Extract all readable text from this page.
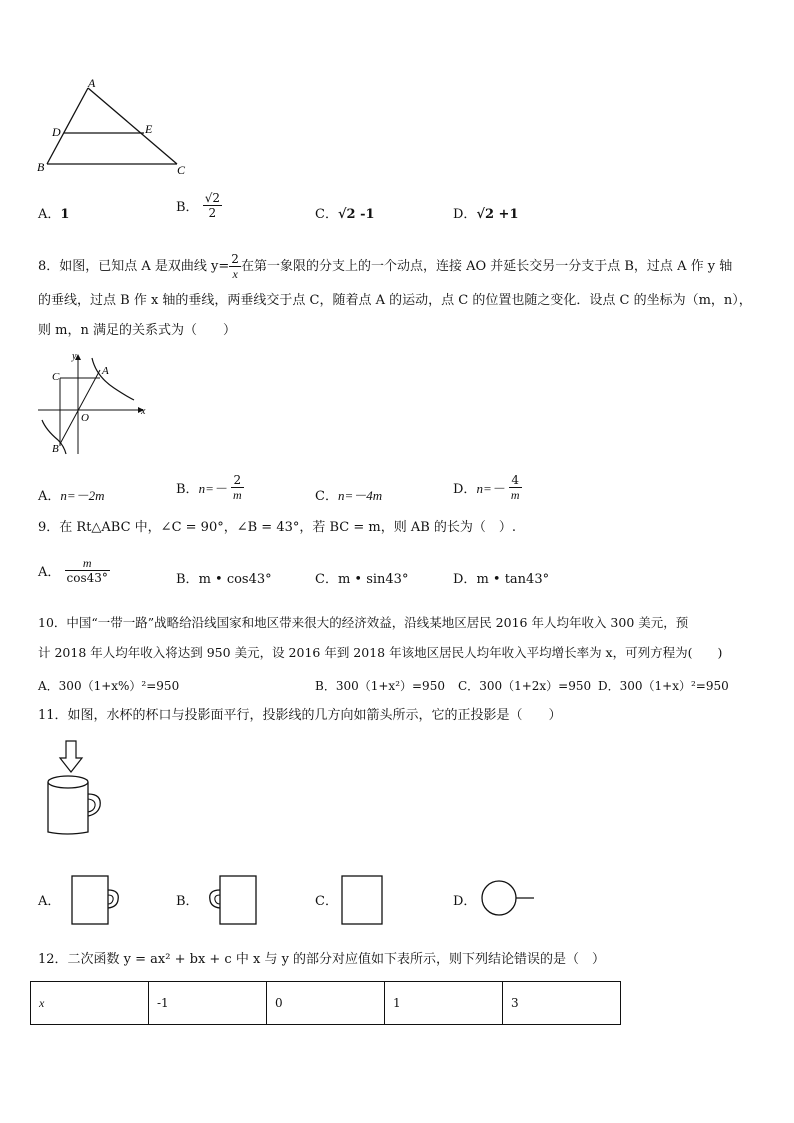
A
D	E
B	C
A．1	B． $\frac{√2}{2}$	C．√2 -1	D．√2 +1
8．如图，已知点 A 是双曲线 $y= \frac{2}{x}$ 在第一象限的分支上的一个动点，连接 AO 并延长交另一分支于点 B，过点 A 作 y 轴
的垂线，过点 B 作 x 轴的垂线，两垂线交于点 C，随着点 A 的运动，点 C 的位置也随之变化．设点 C 的坐标为（m，n），
则 m，n 满足的关系式为（　　）
y
x
O
A
C
B
A．n=－2m	B．$n=- \frac{2}{m}$	C．n=－4m	D．$n=- \frac{4}{m}$
9．在 Rt△ABC 中，∠C = 90°，∠B = 43°，若 BC = m，则 AB 的长为（　）.
A． $\frac{m}{\cos 43^\circ}$	B．m • cos43°	C．m • sin43°	D．m • tan43°
10．中国“一带一路”战略给沿线国家和地区带来很大的经济效益，沿线某地区居民 2016 年人均年收入 300 美元，预
计 2018 年人均年收入将达到 950 美元，设 2016 年到 2018 年该地区居民人均年收入平均增长率为 x，可列方程为(　　)
A．300（1+x%）²=950	B．300（1+x²）=950 C．300（1+2x）=950 D．300（1+x）²=950
11．如图，水杯的杯口与投影面平行，投影线的几方向如箭头所示，它的正投影是（　　）
A．	B．	C．	D．
12．二次函数 y = ax² + bx + c 中 x 与 y 的部分对应值如下表所示，则下列结论错误的是（　）
x	-1	0	1	3
